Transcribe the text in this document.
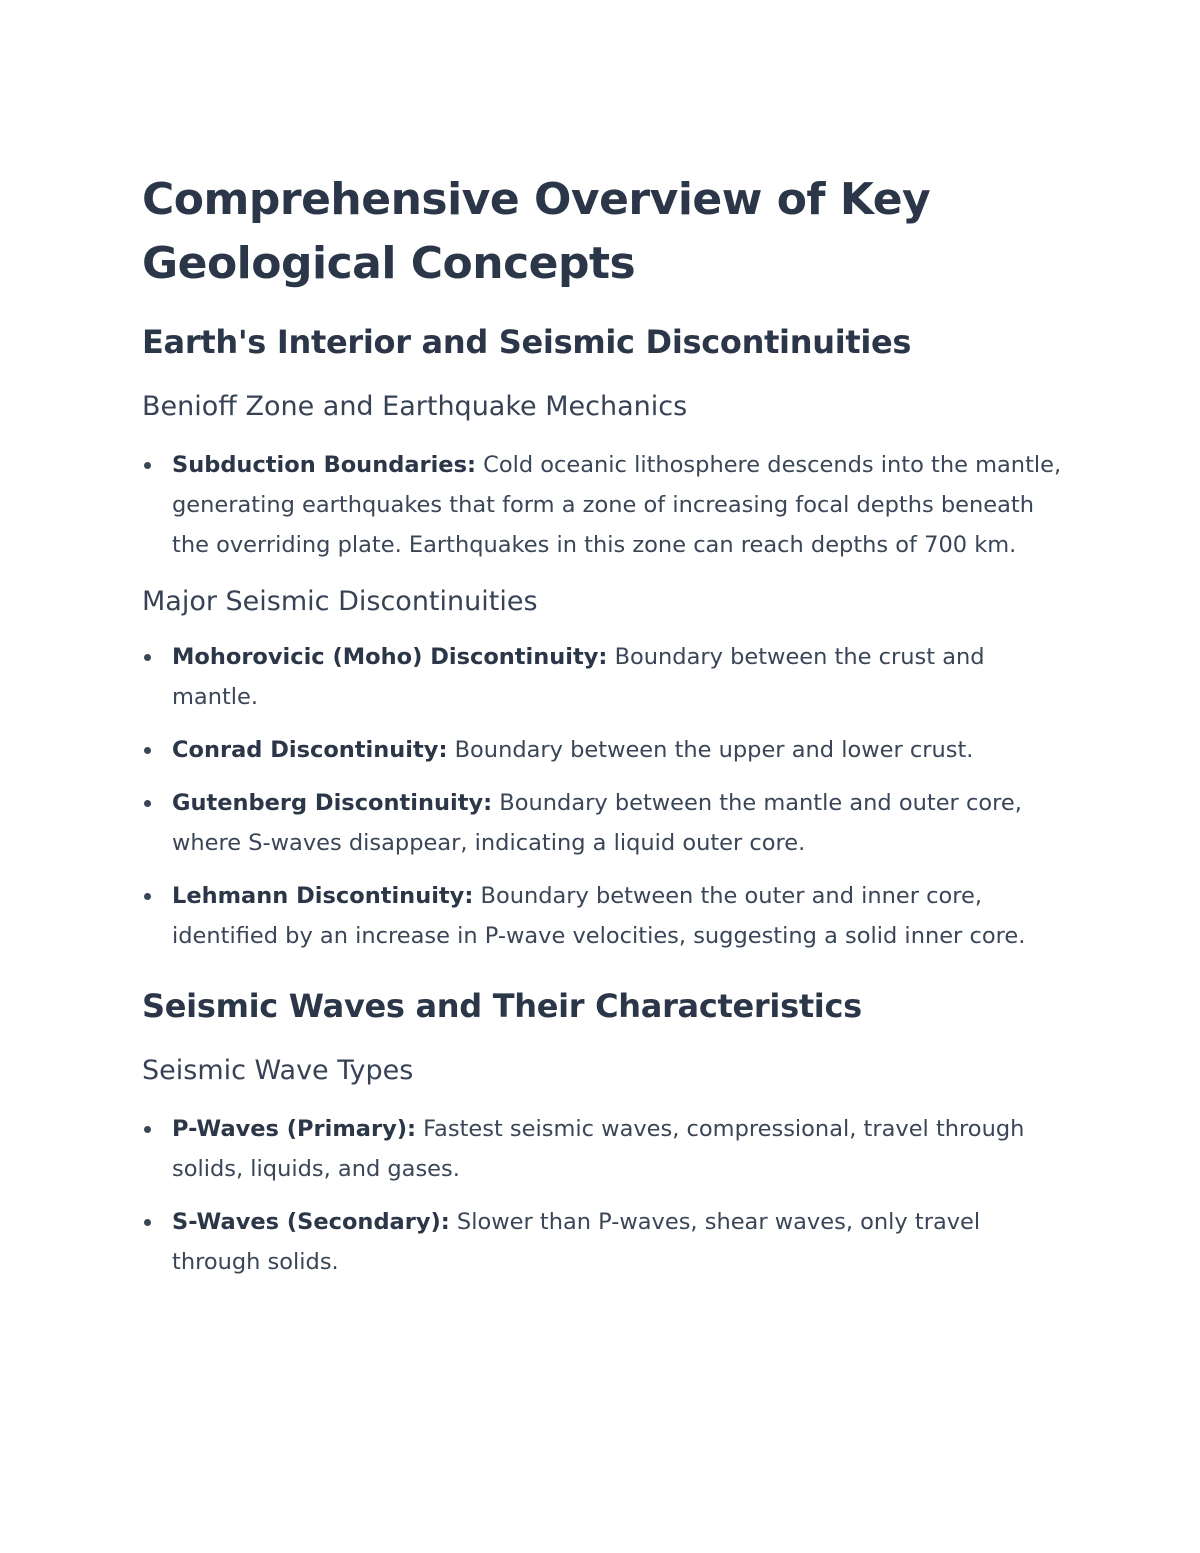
Comprehensive Overview of Key Geological Concepts
Earth's Interior and Seismic Discontinuities
Benioff Zone and Earthquake Mechanics
Subduction Boundaries: Cold oceanic lithosphere descends into the mantle, generating earthquakes that form a zone of increasing focal depths beneath the overriding plate. Earthquakes in this zone can reach depths of 700 km.
Major Seismic Discontinuities
Mohorovicic (Moho) Discontinuity: Boundary between the crust and mantle.
Conrad Discontinuity: Boundary between the upper and lower crust.
Gutenberg Discontinuity: Boundary between the mantle and outer core, where S-waves disappear, indicating a liquid outer core.
Lehmann Discontinuity: Boundary between the outer and inner core, identified by an increase in P-wave velocities, suggesting a solid inner core.
Seismic Waves and Their Characteristics
Seismic Wave Types
P-Waves (Primary): Fastest seismic waves, compressional, travel through solids, liquids, and gases.
S-Waves (Secondary): Slower than P-waves, shear waves, only travel through solids.
